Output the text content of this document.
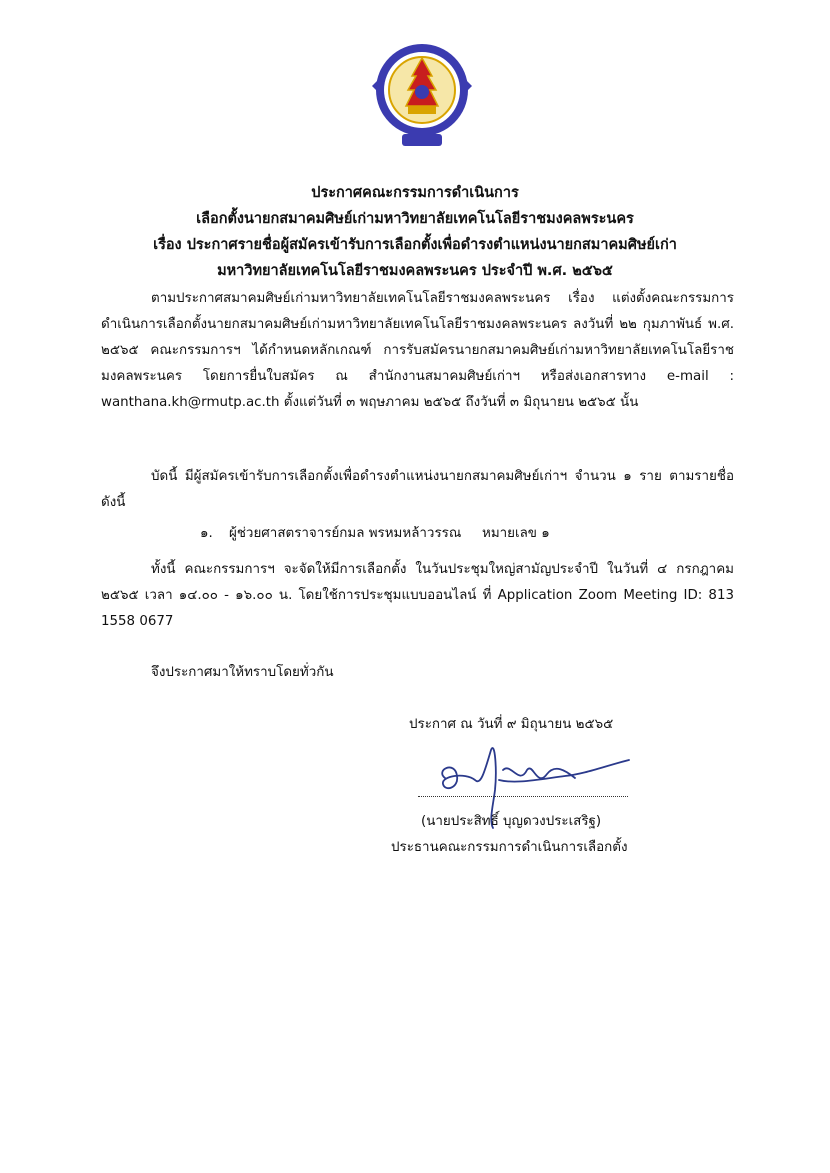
ประกาศคณะกรรมการดำเนินการ
เลือกตั้งนายกสมาคมศิษย์เก่ามหาวิทยาลัยเทคโนโลยีราชมงคลพระนคร
เรื่อง ประกาศรายชื่อผู้สมัครเข้ารับการเลือกตั้งเพื่อดำรงตำแหน่งนายกสมาคมศิษย์เก่า
มหาวิทยาลัยเทคโนโลยีราชมงคลพระนคร ประจำปี พ.ศ. ๒๕๖๕
ตามประกาศสมาคมศิษย์เก่ามหาวิทยาลัยเทคโนโลยีราชมงคลพระนคร เรื่อง แต่งตั้งคณะกรรมการดำเนินการเลือกตั้งนายกสมาคมศิษย์เก่ามหาวิทยาลัยเทคโนโลยีราชมงคลพระนคร ลงวันที่ ๒๒ กุมภาพันธ์ พ.ศ. ๒๕๖๕ คณะกรรมการฯ ได้กำหนดหลักเกณฑ์ การรับสมัครนายกสมาคมศิษย์เก่ามหาวิทยาลัยเทคโนโลยีราชมงคลพระนคร โดยการยื่นใบสมัคร ณ สำนักงานสมาคมศิษย์เก่าฯ หรือส่งเอกสารทาง e-mail : wanthana.kh@rmutp.ac.th ตั้งแต่วันที่ ๓ พฤษภาคม ๒๕๖๕ ถึงวันที่ ๓ มิถุนายน ๒๕๖๕ นั้น
บัดนี้ มีผู้สมัครเข้ารับการเลือกตั้งเพื่อดำรงตำแหน่งนายกสมาคมศิษย์เก่าฯ จำนวน ๑ ราย ตามรายชื่อดังนี้
๑. ผู้ช่วยศาสตราจารย์กมล พรหมหล้าวรรณ หมายเลข ๑
ทั้งนี้ คณะกรรมการฯ จะจัดให้มีการเลือกตั้ง ในวันประชุมใหญ่สามัญประจำปี ในวันที่ ๔ กรกฎาคม ๒๕๖๕ เวลา ๑๔.๐๐ - ๑๖.๐๐ น. โดยใช้การประชุมแบบออนไลน์ ที่ Application Zoom Meeting ID: 813 1558 0677
จึงประกาศมาให้ทราบโดยทั่วกัน
ประกาศ ณ วันที่ ๙ มิถุนายน ๒๕๖๕
(นายประสิทธิ์ บุญดวงประเสริฐ)
ประธานคณะกรรมการดำเนินการเลือกตั้ง
